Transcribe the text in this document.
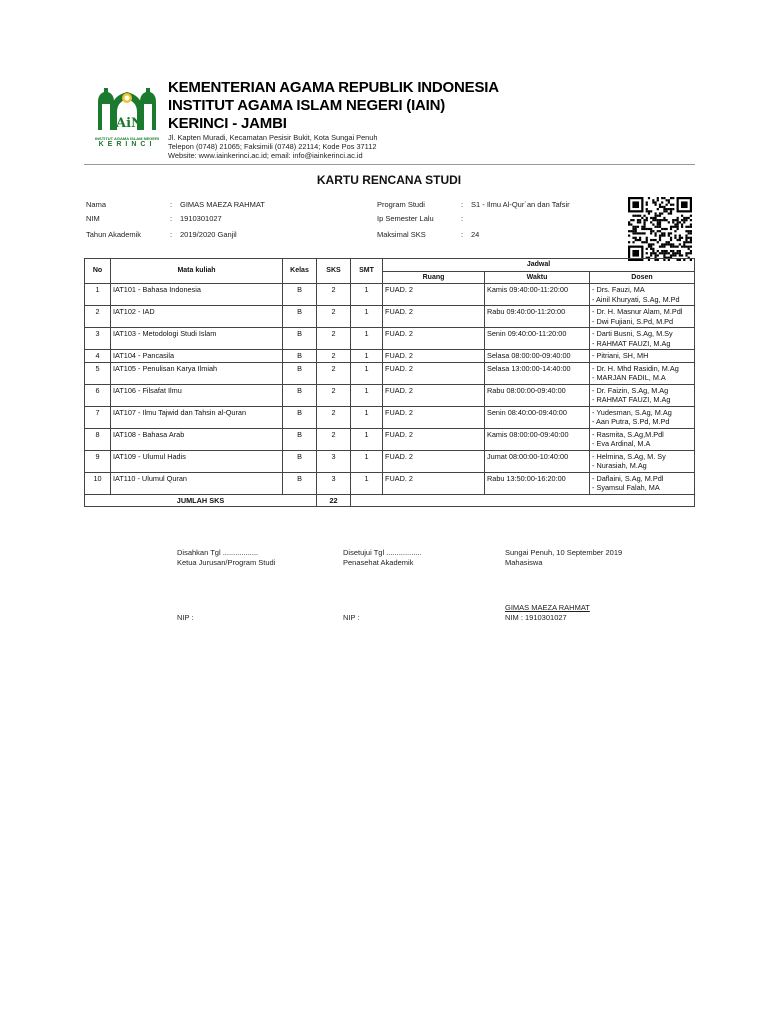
iAiN
INSTITUT AGAMA ISLAM NEGERI
KERINCI
KEMENTERIAN AGAMA REPUBLIK INDONESIA
INSTITUT AGAMA ISLAM NEGERI (IAIN)
KERINCI - JAMBI
Jl. Kapten Muradi, Kecamatan Pesisir Bukit, Kota Sungai Penuh
Telepon (0748) 21065; Faksimili (0748) 22114; Kode Pos 37112
Website: www.iainkerinci.ac.id; email: info@iainkerinci.ac.id
KARTU RENCANA STUDI
Nama	: GIMAS MAEZA RAHMAT
NIM	: 1910301027
Tahun Akademik	: 2019/2020 Ganjil
Program Studi	: S1 - Ilmu Al-Qur`an dan Tafsir
Ip Semester Lalu	:
Maksimal SKS	: 24
No	Mata kuliah	Kelas	SKS	SMT	Jadwal		
					Ruang	Waktu	Dosen
1	IAT101 - Bahasa Indonesia	B	2	1	FUAD. 2	Kamis 09:40:00-11:20:00	- Drs. Fauzi, MA
- Ainil Khuryati, S.Ag, M.Pd

2	IAT102 - IAD	B	2	1	FUAD. 2	Rabu 09:40:00-11:20:00	- Dr. H. Masnur Alam, M.Pdl
- Dwi Fujiani, S.Pd, M.Pd

3	IAT103 - Metodologi Studi Islam	B	2	1	FUAD. 2	Senin 09:40:00-11:20:00	- Darti Busni, S.Ag, M.Sy
- RAHMAT FAUZI, M.Ag

4	IAT104 - Pancasila	B	2	1	FUAD. 2	Selasa 08:00:00-09:40:00	- Pitriani, SH, MH

5	IAT105 - Penulisan Karya Ilmiah	B	2	1	FUAD. 2	Selasa 13:00:00-14:40:00	- Dr. H. Mhd Rasidin, M.Ag
- MARJAN FADIL, M.A

6	IAT106 - Filsafat Ilmu	B	2	1	FUAD. 2	Rabu 08:00:00-09:40:00	- Dr. Faizin, S.Ag, M.Ag
- RAHMAT FAUZI, M.Ag

7	IAT107 - Ilmu Tajwid dan Tahsin al-Quran	B	2	1	FUAD. 2	Senin 08:40:00-09:40:00	- Yudesman, S.Ag, M.Ag
- Aan Putra, S.Pd, M.Pd

8	IAT108 - Bahasa Arab	B	2	1	FUAD. 2	Kamis 08:00:00-09:40:00	- Rasmita, S.Ag,M.Pdl
- Eva Ardinal, M.A

9	IAT109 - Ulumul Hadis	B	3	1	FUAD. 2	Jumat 08:00:00-10:40:00	- Helmina, S.Ag, M. Sy
- Nurasiah, M.Ag

10	IAT110 - Ulumul Quran	B	3	1	FUAD. 2	Rabu 13:50:00-16:20:00	- Daflaini, S.Ag, M.Pdl
- Syamsul Falah, MA

JUMLAH SKS			22				
Disahkan Tgl .................
Ketua Jurusan/Program Studi
NIP :
Disetujui Tgl .................
Penasehat Akademik
NIP :
Sungai Penuh, 10 September 2019
Mahasiswa
GIMAS MAEZA RAHMAT
NIM : 1910301027
